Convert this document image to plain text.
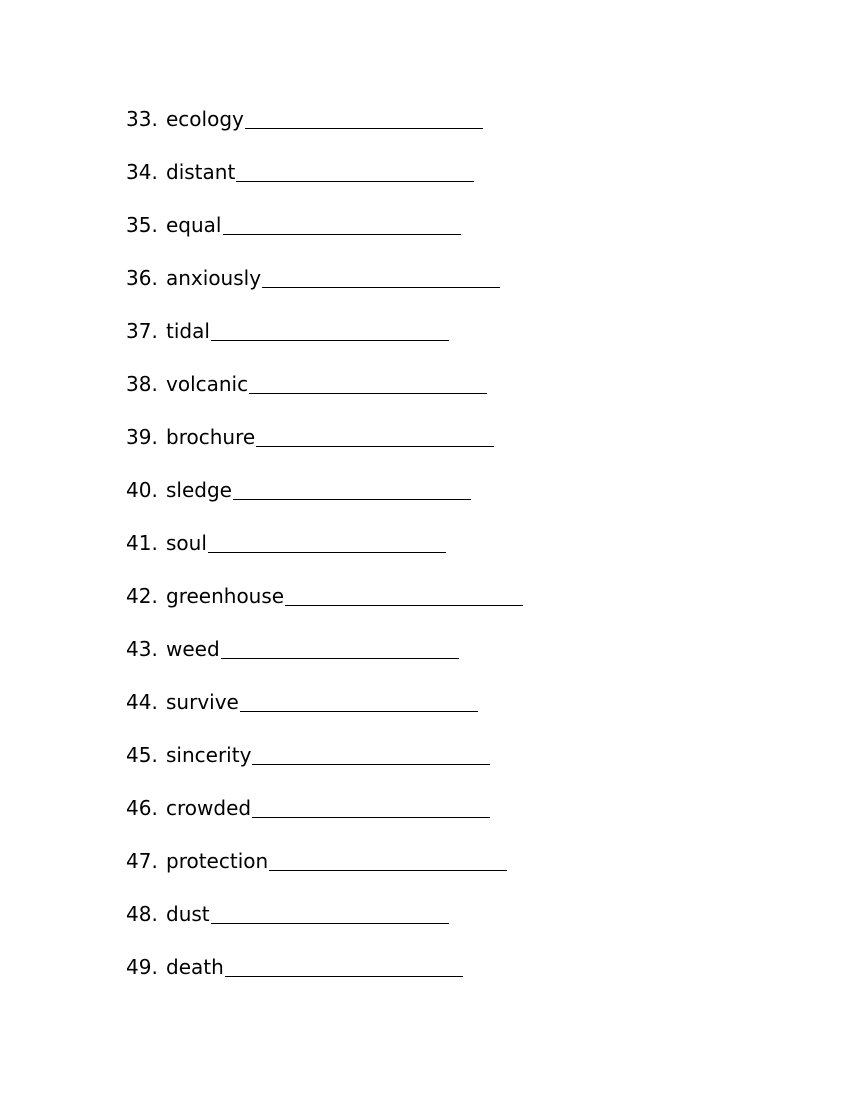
33. ecology
34. distant
35. equal
36. anxiously
37. tidal
38. volcanic
39. brochure
40. sledge
41. soul
42. greenhouse
43. weed
44. survive
45. sincerity
46. crowded
47. protection
48. dust
49. death
